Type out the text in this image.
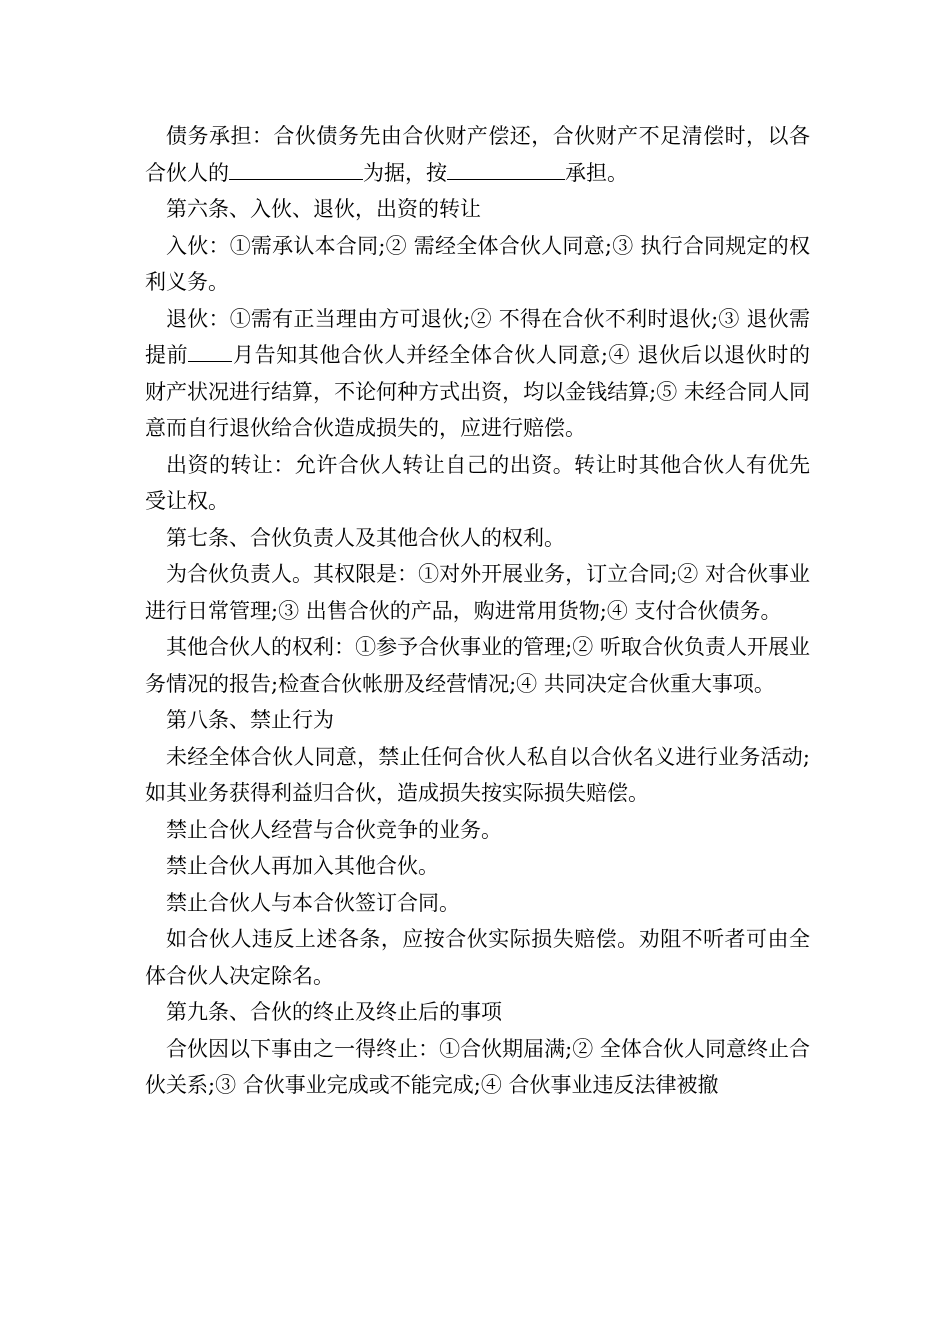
债务承担：合伙债务先由合伙财产偿还，合伙财产不足清偿时，以各合伙人的	为据，按	承担。

第六条、入伙、退伙，出资的转让

入伙：①需承认本合同;② 需经全体合伙人同意;③ 执行合同规定的权利义务。

退伙：①需有正当理由方可退伙;② 不得在合伙不利时退伙;③ 退伙需提前 月告知其他合伙人并经全体合伙人同意;④ 退伙后以退伙时的财产状况进行结算，不论何种方式出资，均以金钱结算;⑤ 未经合同人同意而自行退伙给合伙造成损失的，应进行赔偿。

出资的转让：允许合伙人转让自己的出资。转让时其他合伙人有优先受让权。

第七条、合伙负责人及其他合伙人的权利。

为合伙负责人。其权限是：①对外开展业务，订立合同;② 对合伙事业进行日常管理;③ 出售合伙的产品，购进常用货物;④ 支付合伙债务。

其他合伙人的权利：①参予合伙事业的管理;② 听取合伙负责人开展业务情况的报告;检查合伙帐册及经营情况;④ 共同决定合伙重大事项。

第八条、禁止行为

未经全体合伙人同意，禁止任何合伙人私自以合伙名义进行业务活动;如其业务获得利益归合伙，造成损失按实际损失赔偿。

禁止合伙人经营与合伙竞争的业务。

禁止合伙人再加入其他合伙。

禁止合伙人与本合伙签订合同。

如合伙人违反上述各条，应按合伙实际损失赔偿。劝阻不听者可由全体合伙人决定除名。

第九条、合伙的终止及终止后的事项

合伙因以下事由之一得终止：①合伙期届满;② 全体合伙人同意终止合伙关系;③ 合伙事业完成或不能完成;④ 合伙事业违反法律被撤
